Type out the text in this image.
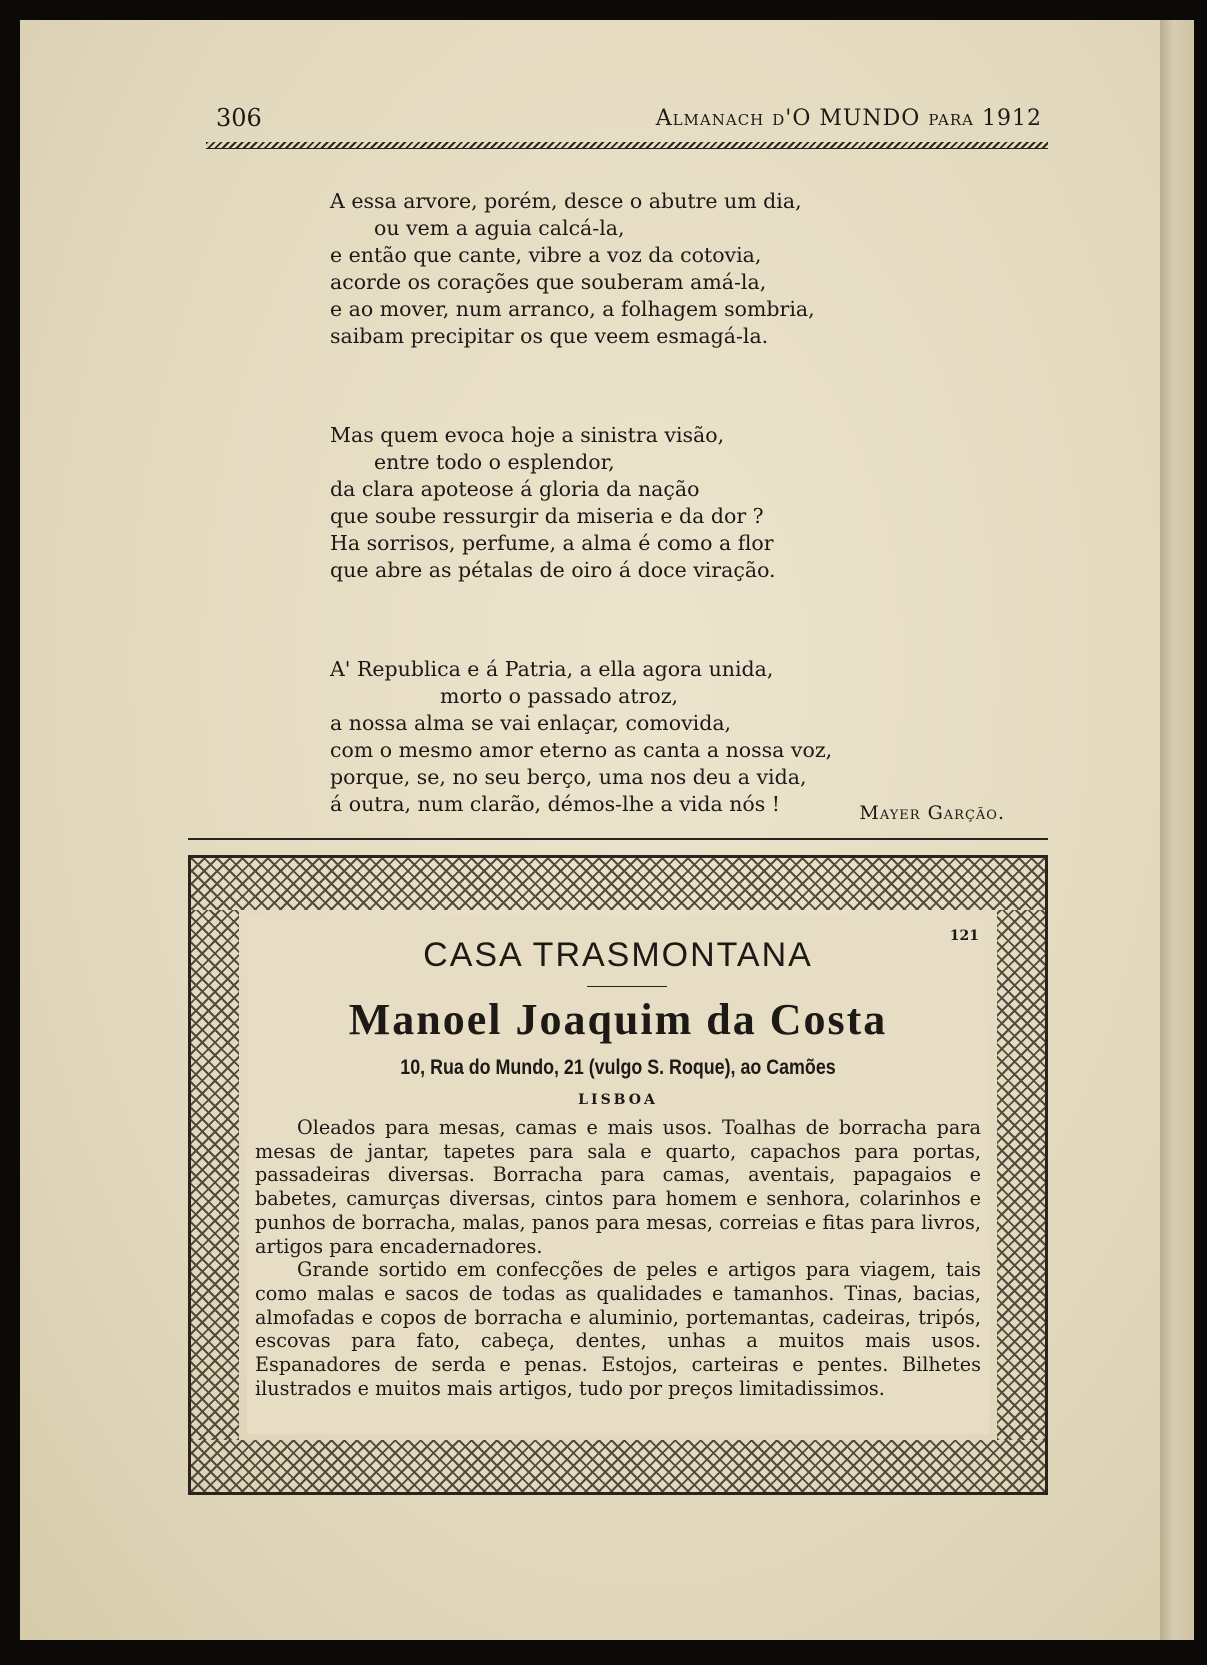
306	Almanach d'O MUNDO para 1912
A essa arvore, porém, desce o abutre um dia,
ou vem a aguia calcá-la,
e então que cante, vibre a voz da cotovia,
acorde os corações que souberam amá-la,
e ao mover, num arranco, a folhagem sombria,
saibam precipitar os que veem esmagá-la.
Mas quem evoca hoje a sinistra visão,
entre todo o esplendor,
da clara apoteose á gloria da nação
que soube ressurgir da miseria e da dor ?
Ha sorrisos, perfume, a alma é como a flor
que abre as pétalas de oiro á doce viração.
A' Republica e á Patria, a ella agora unida,
morto o passado atroz,
a nossa alma se vai enlaçar, comovida,
com o mesmo amor eterno as canta a nossa voz,
porque, se, no seu berço, uma nos deu a vida,
á outra, num clarão, démos-lhe a vida nós !	Mayer Garção.
121
CASA TRASMONTANA
Manoel Joaquim da Costa
10, Rua do Mundo, 21 (vulgo S. Roque), ao Camões
LISBOA

Oleados para mesas, camas e mais usos. Toalhas de borracha para mesas de jantar, tapetes para sala e quarto, capachos para portas, passadeiras diversas. Borracha para camas, aventais, papagaios e babetes, camurças diversas, cintos para homem e senhora, colarinhos e punhos de borracha, malas, panos para mesas, correias e fitas para livros, artigos para encadernadores.

Grande sortido em confecções de peles e artigos para viagem, tais como malas e sacos de todas as qualidades e tamanhos. Tinas, bacias, almofadas e copos de borracha e aluminio, portemantas, cadeiras, tripós, escovas para fato, cabeça, dentes, unhas a muitos mais usos. Espanadores de serda e penas. Estojos, carteiras e pentes. Bilhetes ilustrados e muitos mais artigos, tudo por preços limitadissimos.
